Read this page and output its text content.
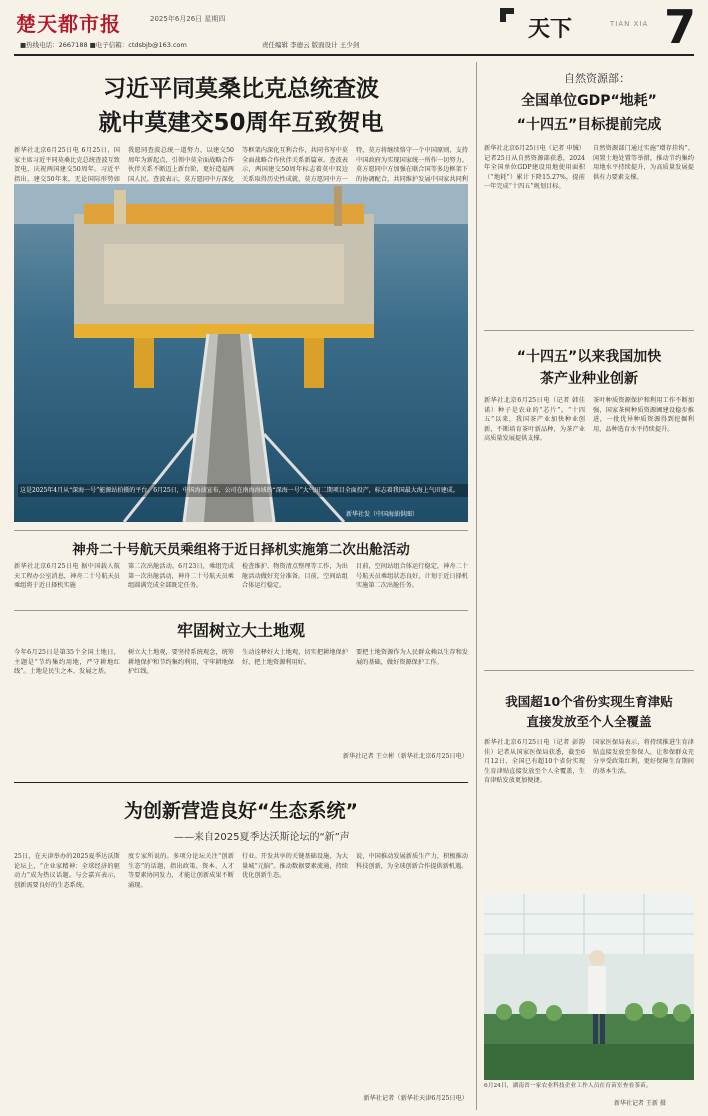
楚天都市报	2025年6月26日 星期四
■热线电话：2667188 ■电子信箱：ctdsbjb@163.com	责任编辑 李德云 版面设计 王少剑
天下	TIAN XIA 7
习近平同莫桑比克总统查波
就中莫建交50周年互致贺电
新华社北京6月25日电 6月25日，国家主席习近平同莫桑比克总统查波互致贺电，庆祝两国建交50周年。习近平指出，建交50年来，无论国际形势如
我愿同查波总统一道努力，以建交50周年为新起点，引领中莫全面战略合作伙伴关系不断迈上新台阶，更好造福两国人民。查波表示，莫方愿同中方深化
等框架内深化互利合作，共同书写中莫全面战略合作伙伴关系新篇章。查波表示，两国建交50周年标志着莫中双边关系取得历史性成就，莫方愿同中方一
特，莫方将继续恪守一个中国原则，支持中国政府为实现国家统一所作一切努力。莫方愿同中方加强在联合国等多边框架下的协调配合，共同维护发展中国家共同利
这是2025年4月从“深海一号”能源站拍摄的平台。6月25日，中国海油宣布，公司在南海海域的“深海一号”大气田二期项目全面投产，标志着我国最大海上气田建成。
新华社发（中国海油供图）
神舟二十号航天员乘组将于近日择机实施第二次出舱活动
新华社北京6月25日电 据中国载人航天工程办公室消息，神舟二十号航天员乘组将于近日择机实施
第二次出舱活动。6月23日，乘组完成第一次出舱活动，神舟二十号航天员乘组圆满完成全部既定任务。
检查维护、物资清点整理等工作，为出舱活动做好充分准备。目前，空间站组合体运行稳定。
目前，空间站组合体运行稳定，神舟二十号航天员乘组状态良好，计划于近日择机实施第二次出舱任务。
牢固树立大土地观
今年6月25日是第35个全国土地日，主题是“节约集约用地，严守耕地红线”。土地是民生之本、发展之基。
树立大土地观，要坚持系统观念，统筹耕地保护和节约集约利用，守牢耕地保护红线。
生动诠释好大土地观，切实把耕地保护好、把土地资源利用好。
要把土地资源作为人民群众赖以生存和发展的基础，做好资源保护工作。
新华社记者 王立彬（新华社北京6月25日电）
为创新营造良好“生态系统”
——来自2025夏季达沃斯论坛的“新”声
25日，在天津举办的2025夏季达沃斯论坛上，“企业家精神：全球经济的驱动力”成为热议话题。与会嘉宾表示，创新需要良好的生态系统。
度专家所说的。多项分论坛关注“创新生态”的话题，指出政策、资本、人才等要素协同发力，才能让创新成果不断涌现。
行业。开发共享的关键基础设施，为大量城“元脑”。推动数据要素流通，持续优化创新生态。
说，中国推动发展新质生产力，积极推动科技创新，为全球创新合作提供新机遇。
新华社记者（新华社天津6月25日电）
自然资源部：
全国单位GDP“地耗”
“十四五”目标提前完成
新华社北京6月25日电（记者 申铖）记者25日从自然资源部获悉，2024年全国单位GDP建设用地使用面积（“地耗”）累计下降15.27%，提前一年完成“十四五”规划目标。
自然资源部门通过实施“增存挂钩”、闲置土地处置等举措，推动节约集约用地水平持续提升，为高质量发展提供有力要素支撑。
“十四五”以来我国加快
茶产业种业创新
新华社北京6月25日电（记者 韩佳诺）种子是农业的“芯片”。“十四五”以来，我国茶产业加快种业创新，不断培育茶叶新品种，为茶产业高质量发展提供支撑。
茶叶种质资源保护和利用工作不断加强，国家茶树种质资源圃建设稳步推进，一批优异种质资源得到挖掘利用，品种选育水平持续提升。
我国超10个省份实现生育津贴
直接发放至个人全覆盖
新华社北京6月25日电（记者 彭韵佳）记者从国家医保局获悉，截至6月12日，全国已有超10个省份实现生育津贴直接发放至个人全覆盖，生育津贴发放更加便捷。
国家医保局表示，将持续推进生育津贴直接发放至参保人，让参保群众充分享受政策红利，更好保障生育期间的基本生活。
6月24日，湖南省一家农业科技企业工作人员在育苗室查看茶苗。
新华社记者 王新 摄
